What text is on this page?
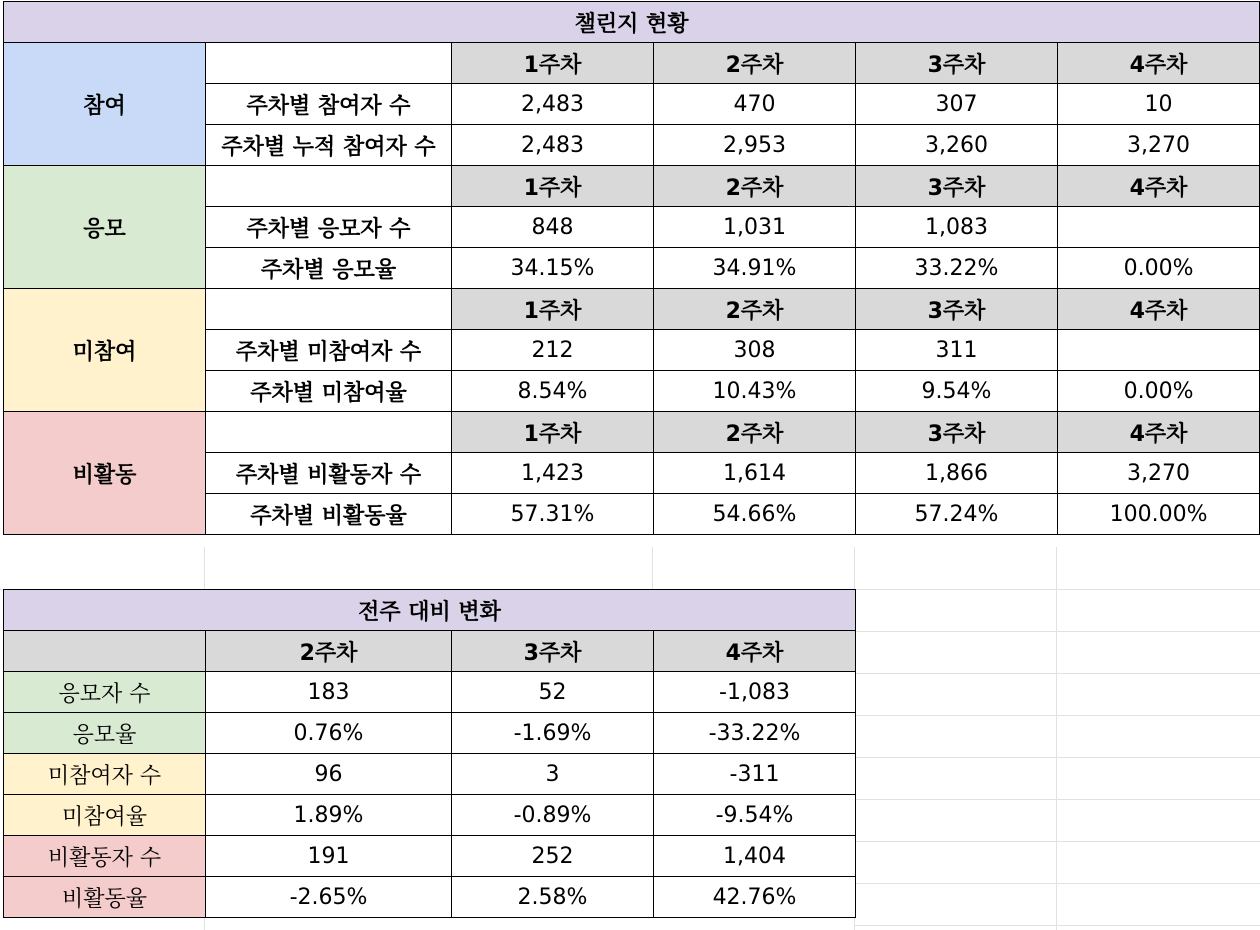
챌린지 현황					
참여		1주차	2주차	3주차	4주차
	주차별 참여자 수	2,483	470	307	10
	주차별 누적 참여자 수	2,483	2,953	3,260	3,270
응모		1주차	2주차	3주차	4주차
	주차별 응모자 수	848	1,031	1,083	
	주차별 응모율	34.15%	34.91%	33.22%	0.00%
미참여		1주차	2주차	3주차	4주차
	주차별 미참여자 수	212	308	311	
	주차별 미참여율	8.54%	10.43%	9.54%	0.00%
비활동		1주차	2주차	3주차	4주차
	주차별 비활동자 수	1,423	1,614	1,866	3,270
	주차별 비활동율	57.31%	54.66%	57.24%	100.00%
전주 대비 변화			
	2주차	3주차	4주차
응모자 수	183	52	-1,083
응모율	0.76%	-1.69%	-33.22%
미참여자 수	96	3	-311
미참여율	1.89%	-0.89%	-9.54%
비활동자 수	191	252	1,404
비활동율	-2.65%	2.58%	42.76%
